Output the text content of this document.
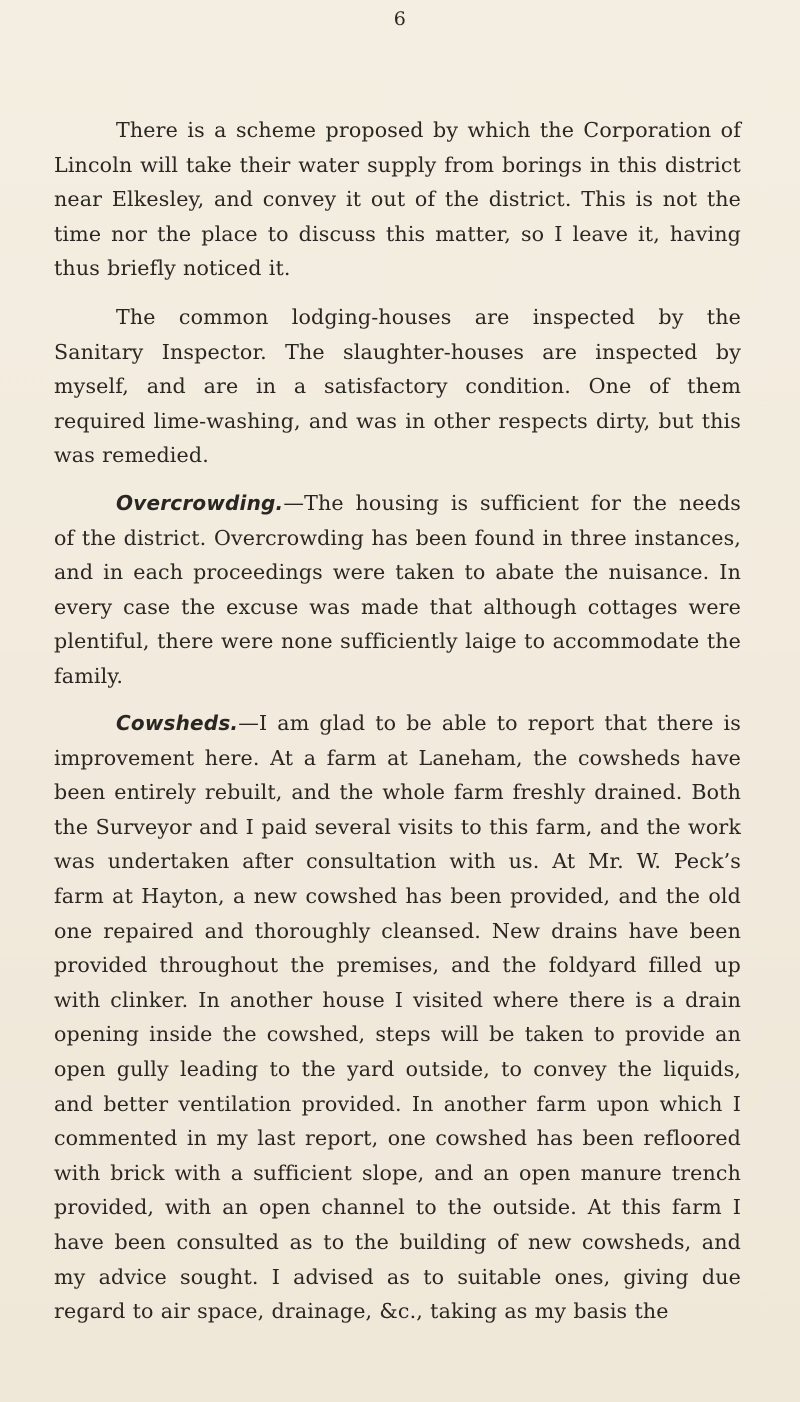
6

There is a scheme proposed by which the Corporation of Lincoln will take their water supply from borings in this district near Elkesley, and convey it out of the district. This is not the time nor the place to discuss this matter, so I leave it, having thus briefly noticed it.

The common lodging-houses are inspected by the Sanitary Inspector. The slaughter-houses are inspected by myself, and are in a satisfactory condition. One of them required lime-washing, and was in other respects dirty, but this was remedied.

Overcrowding.—The housing is sufficient for the needs of the district. Overcrowding has been found in three instances, and in each proceedings were taken to abate the nuisance. In every case the excuse was made that although cottages were plentiful, there were none sufficiently laige to accommodate the family.

Cowsheds.—I am glad to be able to report that there is improvement here. At a farm at Laneham, the cowsheds have been entirely rebuilt, and the whole farm freshly drained. Both the Surveyor and I paid several visits to this farm, and the work was undertaken after consultation with us. At Mr. W. Peck’s farm at Hayton, a new cowshed has been provided, and the old one repaired and thoroughly cleansed. New drains have been provided throughout the premises, and the foldyard filled up with clinker. In another house I visited where there is a drain opening inside the cowshed, steps will be taken to provide an open gully leading to the yard outside, to convey the liquids, and better ventilation provided. In another farm upon which I commented in my last report, one cowshed has been refloored with brick with a sufficient slope, and an open manure trench provided, with an open channel to the outside. At this farm I have been consulted as to the building of new cowsheds, and my advice sought. I advised as to suitable ones, giving due regard to air space, drainage, &c., taking as my basis the
